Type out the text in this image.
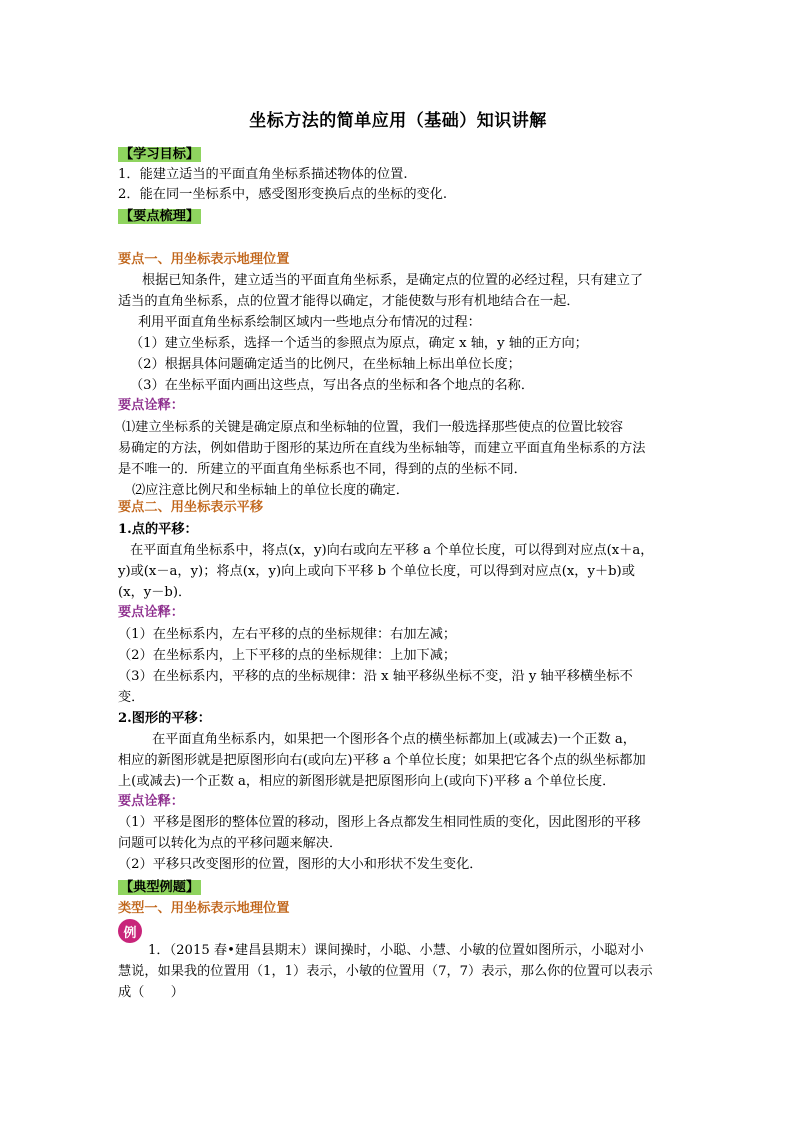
坐标方法的简单应用（基础）知识讲解
【学习目标】
1．能建立适当的平面直角坐标系描述物体的位置.
2．能在同一坐标系中，感受图形变换后点的坐标的变化.
【要点梳理】
要点一、用坐标表示地理位置
根据已知条件，建立适当的平面直角坐标系，是确定点的位置的必经过程，只有建立了
适当的直角坐标系，点的位置才能得以确定，才能使数与形有机地结合在一起．
利用平面直角坐标系绘制区域内一些地点分布情况的过程：
（1）建立坐标系，选择一个适当的参照点为原点，确定 x 轴，y 轴的正方向；
（2）根据具体问题确定适当的比例尺，在坐标轴上标出单位长度；
（3）在坐标平面内画出这些点，写出各点的坐标和各个地点的名称．
要点诠释：
⑴建立坐标系的关键是确定原点和坐标轴的位置，我们一般选择那些使点的位置比较容
易确定的方法，例如借助于图形的某边所在直线为坐标轴等，而建立平面直角坐标系的方法
是不唯一的．所建立的平面直角坐标系也不同，得到的点的坐标不同．
⑵应注意比例尺和坐标轴上的单位长度的确定．
要点二、用坐标表示平移
1.点的平移：
在平面直角坐标系中，将点(x，y)向右或向左平移 a 个单位长度，可以得到对应点(x＋a，
y)或(x－a，y)；将点(x，y)向上或向下平移 b 个单位长度，可以得到对应点(x，y＋b)或
(x，y－b)．
要点诠释：
（1）在坐标系内，左右平移的点的坐标规律：右加左减；
（2）在坐标系内，上下平移的点的坐标规律：上加下减；
（3）在坐标系内，平移的点的坐标规律：沿 x 轴平移纵坐标不变，沿 y 轴平移横坐标不
变．
2.图形的平移：
在平面直角坐标系内，如果把一个图形各个点的横坐标都加上(或减去)一个正数 a，
相应的新图形就是把原图形向右(或向左)平移 a 个单位长度；如果把它各个点的纵坐标都加
上(或减去)一个正数 a，相应的新图形就是把原图形向上(或向下)平移 a 个单位长度．
要点诠释：
（1）平移是图形的整体位置的移动，图形上各点都发生相同性质的变化，因此图形的平移
问题可以转化为点的平移问题来解决．
（2）平移只改变图形的位置，图形的大小和形状不发生变化．
【典型例题】
类型一、用坐标表示地理位置
例
1．（2015 春•建昌县期末）课间操时，小聪、小慧、小敏的位置如图所示，小聪对小
慧说，如果我的位置用（1，1）表示，小敏的位置用（7，7）表示，那么你的位置可以表示
成（　　）
